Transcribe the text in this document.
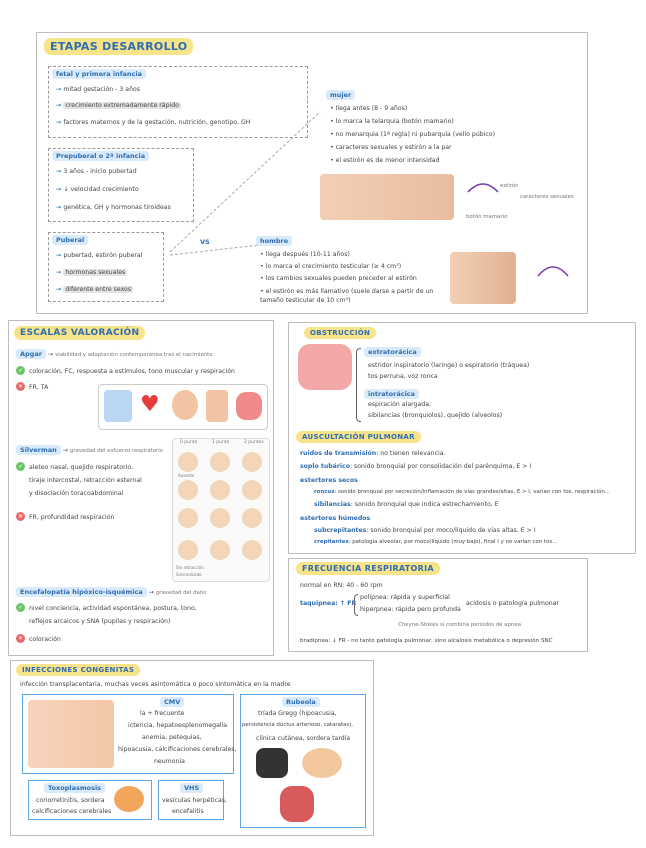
ETAPAS DESARROLLO
fetal y primera infancia
→ mitad gestación - 3 años
→ crecimiento extremadamente rápido
→ factores maternos y de la gestación, nutrición, genotipo, GH
Prepuberal o 2ª infancia
→ 3 años - inicio pubertad
→ ↓ velocidad crecimiento
→ genética, GH y hormonas tiroideas
Puberal
→ pubertad, estirón puberal
→ hormonas sexuales
→ diferente entre sexos
VS
mujer
• llega antes (8 - 9 años)
• lo marca la telarquia (botón mamario)
• no menarquia (1ª regla) ni pubarquía (vello púbico)
• caracteres sexuales y estirón a la par
• el estirón es de menor intensidad
estirón
caracteres sexuales
botón mamario
hombre
• llega después (10-11 años)
• lo marca el crecimiento testicular (≥ 4 cm³)
• los cambios sexuales pueden preceder al estirón
• el estirón es más llamativo (suele darse a partir de un tamaño testicular de 10 cm³)
ESCALAS VALORACIÓN
Apgar → viabilidad y adaptación contemporánea tras el nacimiento
✓ coloración, FC, respuesta a estímulos, tono muscular y respiración
✕ FR, TA
♥
Silverman → gravedad del esfuerzo respiratorio
✓ aleteo nasal, quejido respiratorio,
tiraje intercostal, retracción esternal
y disociación toracoabdominal
✕ FR, profundidad respiración
0 punto	1 punto	2 puntos
Ausente
Sin retracción
Sincronizado
Encefalopatía hipóxico-isquémica → gravedad del daño
✓ nivel conciencia, actividad espontánea, postura, tono,
reflejos arcaicos y SNA (pupilas y respiración)
✕ coloración
OBSTRUCCIÓN
extratorácica
estridor inspiratorio (laringe) o espiratorio (tráquea)
tos perruna, voz ronca
intratorácica
espiración alargada,
sibilancias (bronquiolos), quejido (alveolos)
AUSCULTACIÓN PULMONAR
ruidos de transmisión: no tienen relevancia.
soplo tubárico: sonido bronquial por consolidación del parénquima, E > I
estertores secos
roncus: sonido bronquial por secreción/inflamación de vías grandes/altas, E > I, varían con tos, respiración...
sibilancias: sonido bronquial que indica estrechamiento, E
estertores húmedos
subcrepitantes: sonido bronquial por moco/líquido de vías altas. E > I
crepitantes: patología alveolar, por moco/líquido (muy bajo), final I y no varían con tos...
FRECUENCIA RESPIRATORIA
normal en RN: 40 - 60 rpm
taquipnea: ↑ FR
polipnea: rápida y superficial
hiperpnea: rápida pero profunda
acidosis o patología pulmonar
Cheyne-Stokes si combina periodos de apnea
bradipnea: ↓ FR - no tanto patología pulmonar, sino alcalosis metabólica o depresión SNC
INFECCIONES CONGÉNITAS
infección transplacentaria, muchas veces asintomática o poco sintomática en la madre
CMV
la + frecuente
ictericia, hepatoesplenomegalia
anemia, petequias,
hipoacusia, calcificaciones cerebrales,
neumonía
Rubeola
tríada Gregg (hipoacusia,
persistencia ductus arterioso, cataratas),
clínica cutánea, sordera tardía
Toxoplasmosis
coriorretinitis, sordera
calcificaciones cerebrales
VHS
vesículas herpéticas,
encefalitis
